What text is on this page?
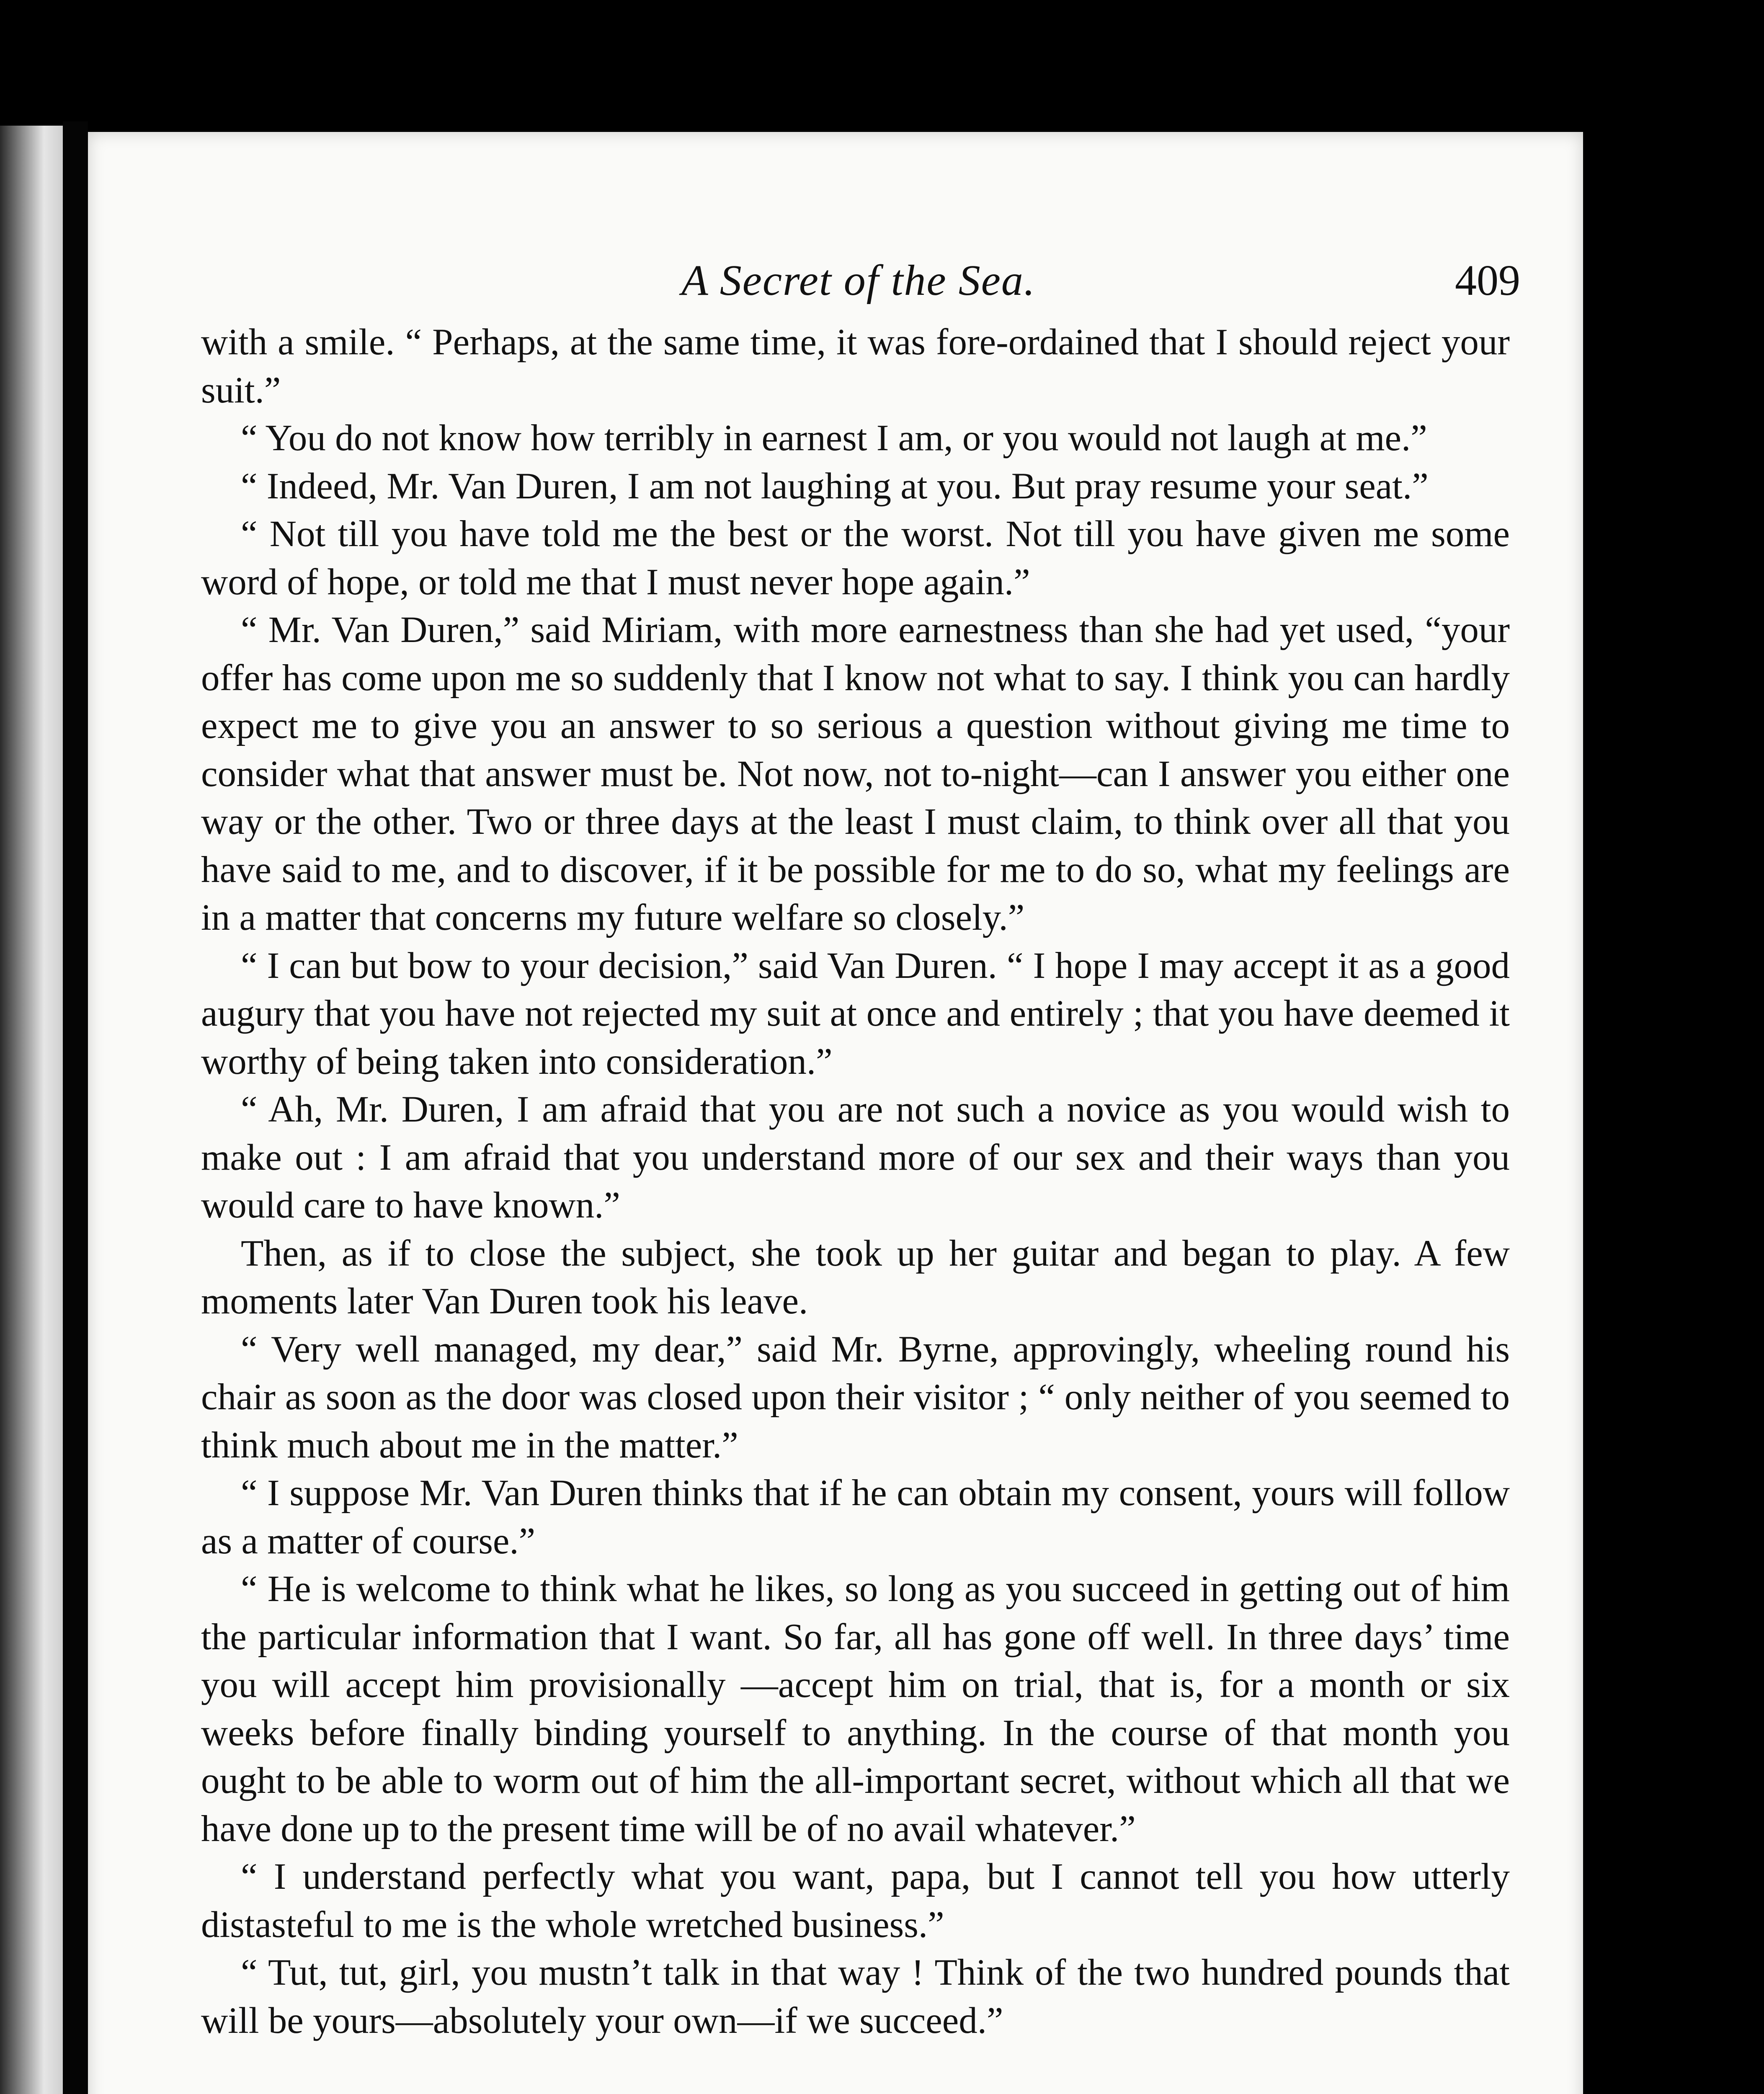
A Secret of the Sea.	409

with a smile. “ Perhaps, at the same time, it was fore-ordained that I should reject your suit.”

“ You do not know how terribly in earnest I am, or you would not laugh at me.”

“ Indeed, Mr. Van Duren, I am not laughing at you. But pray resume your seat.”

“ Not till you have told me the best or the worst. Not till you have given me some word of hope, or told me that I must never hope again.”

“ Mr. Van Duren,” said Miriam, with more earnestness than she had yet used, “your offer has come upon me so suddenly that I know not what to say. I think you can hardly expect me to give you an answer to so serious a question without giving me time to consider what that answer must be. Not now, not to-night—can I answer you either one way or the other. Two or three days at the least I must claim, to think over all that you have said to me, and to discover, if it be possible for me to do so, what my feelings are in a matter that concerns my future welfare so closely.”

“ I can but bow to your decision,” said Van Duren. “ I hope I may accept it as a good augury that you have not rejected my suit at once and entirely ; that you have deemed it worthy of being taken into consideration.”

“ Ah, Mr. Duren, I am afraid that you are not such a novice as you would wish to make out : I am afraid that you understand more of our sex and their ways than you would care to have known.”

Then, as if to close the subject, she took up her guitar and began to play. A few moments later Van Duren took his leave.

“ Very well managed, my dear,” said Mr. Byrne, approvingly, wheeling round his chair as soon as the door was closed upon their visitor ; “ only neither of you seemed to think much about me in the matter.”

“ I suppose Mr. Van Duren thinks that if he can obtain my consent, yours will follow as a matter of course.”

“ He is welcome to think what he likes, so long as you succeed in getting out of him the particular information that I want. So far, all has gone off well. In three days’ time you will accept him provisionally —accept him on trial, that is, for a month or six weeks before finally binding yourself to anything. In the course of that month you ought to be able to worm out of him the all-important secret, without which all that we have done up to the present time will be of no avail whatever.”

“ I understand perfectly what you want, papa, but I cannot tell you how utterly distasteful to me is the whole wretched business.”

“ Tut, tut, girl, you mustn’t talk in that way ! Think of the two hundred pounds that will be yours—absolutely your own—if we succeed.”
